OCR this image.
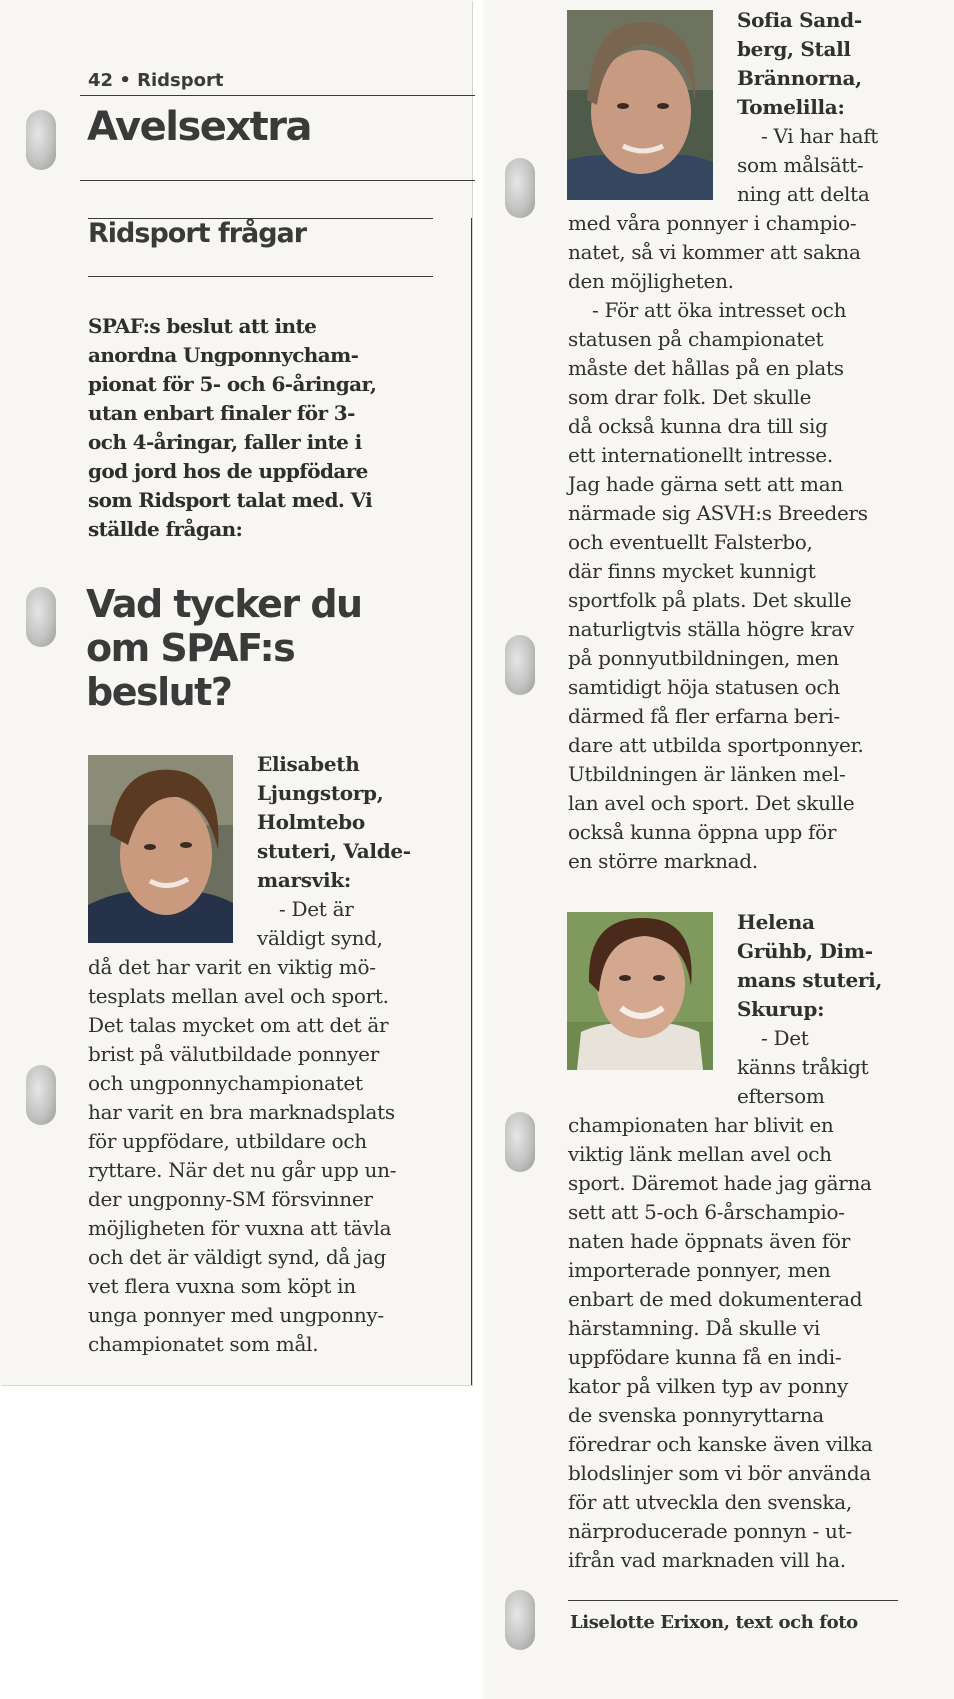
42 • Ridsport
Avelsextra
Ridsport frågar
SPAF:s beslut att inte
anordna Ungponnycham-
pionat för 5- och 6-åringar,
utan enbart finaler för 3-
och 4-åringar, faller inte i
god jord hos de uppfödare
som Ridsport talat med. Vi
ställde frågan:
Vad tycker du
om SPAF:s
beslut?
Elisabeth
Ljungstorp,
Holmtebo
stuteri, Valde-
marsvik:
- Det är
väldigt synd,
då det har varit en viktig mö-
tesplats mellan avel och sport.
Det talas mycket om att det är
brist på välutbildade ponnyer
och ungponnychampionatet
har varit en bra marknadsplats
för uppfödare, utbildare och
ryttare. När det nu går upp un-
der ungponny-SM försvinner
möjligheten för vuxna att tävla
och det är väldigt synd, då jag
vet flera vuxna som köpt in
unga ponnyer med ungponny-
championatet som mål.
Sofia Sand-
berg, Stall
Brännorna,
Tomelilla:
- Vi har haft
som målsätt-
ning att delta
med våra ponnyer i champio-
natet, så vi kommer att sakna
den möjligheten.
- För att öka intresset och
statusen på championatet
måste det hållas på en plats
som drar folk. Det skulle
då också kunna dra till sig
ett internationellt intresse.
Jag hade gärna sett att man
närmade sig ASVH:s Breeders
och eventuellt Falsterbo,
där finns mycket kunnigt
sportfolk på plats. Det skulle
naturligtvis ställa högre krav
på ponnyutbildningen, men
samtidigt höja statusen och
därmed få fler erfarna beri-
dare att utbilda sportponnyer.
Utbildningen är länken mel-
lan avel och sport. Det skulle
också kunna öppna upp för
en större marknad.
Helena
Grühb, Dim-
mans stuteri,
Skurup:
- Det
känns tråkigt
eftersom
championaten har blivit en
viktig länk mellan avel och
sport. Däremot hade jag gärna
sett att 5-och 6-årschampio-
naten hade öppnats även för
importerade ponnyer, men
enbart de med dokumenterad
härstamning. Då skulle vi
uppfödare kunna få en indi-
kator på vilken typ av ponny
de svenska ponnyryttarna
föredrar och kanske även vilka
blodslinjer som vi bör använda
för att utveckla den svenska,
närproducerade ponnyn - ut-
ifrån vad marknaden vill ha.
Liselotte Erixon, text och foto
